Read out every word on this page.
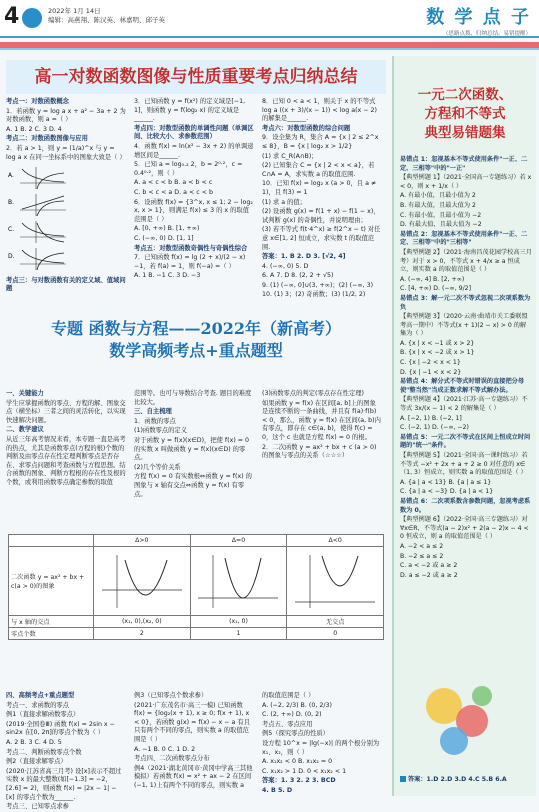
4	2022年 1月 14日
编辑：高燕翔、陈汉英、林嘉明、邱子英	数 学 点 子
（思路点拨、归纳总结、易错提醒）
高一对数函数图像与性质重要考点归纳总结

考点一：对数函数概念

1．若函数 y = log a x + a² − 3a + 2 为对数函数，则 a =（ ）

A. 1 B. 2 C. 3 D. 4

考点二：对数函数图像与应用

2．若 a > 1，则 y = (1/a)^x 与 y = log a x 在同一坐标系中的图象大致是（ ）

A.
B.
C.
D.

考点三：与对数函数有关的定义域、值域问题

3．已知函数 y = f(x²) 的定义域是[−1, 1]，则函数 y = f(log₂ x) 的定义域是______.

考点四：对数型函数的单调性问题（单调区间、比较大小、求参数范围）

4．函数 f(x) = ln(x² − 3x + 2) 的单调递增区间是______.

5．已知 a = log₀.₂ 2，b = 2⁰·²，c = 0.4⁰·²，则（ ）

A. a < c < b B. a < b < c

C. b < c < a D. a < c < b

6．设函数 f(x) = {3^x, x ≤ 1; 2 − log₂ x, x > 1}，则满足 f(x) ≤ 3 的 x 的取值范围是（ ）

A. [0, +∞) B. [1, +∞)

C. (−∞, 0) D. [1, 1]

考点五：对数型函数奇偶性与奇偶性综合

7．已知函数 f(x) = lg (2 + x)/(2 − x) −1，若 f(a) = 1，则 f(−a) =（ ）

A. 1 B. −1 C. 3 D. −3

8．已知 0 < a < 1，则关于 x 的不等式 log a ((x + 3)/(x − 1)) < log a(x − 2) 的解集是______.

考点六：对数型函数的综合问题

9．设全集为 R，集合 A = {x | 2 ≤ 2^x ≤ 8}，B = {x | log₂ x > 1/2}

(1) 求 C_R(A∩B)；

(2) 已知集合 C = {x | 2 < x < a}，若 C∩A = A，求实数 a 的取值范围.

10．已知 f(x) = log₂ x (a > 0，且 a ≠ 1)，且 f(3) = 1

(1) 求 a 的值；

(2) 设函数 g(x) = f(1 + x) − f(1 − x)，试判断 g(x) 的奇偶性，并说明理由；

(3) 若不等式 f(t·4^x) ≥ f(2^x − t) 对任意 x∈[1, 2] 恒成立，求实数 t 的取值范围.

答案：1. B 2. D 3. [√2, 4]

4. (−∞, 0) 5. D

6. A 7. D 8. (2, 2 + √5)

9. (1) (−∞, 0]∪(3, +∞)；(2) (−∞, 3)

10. (1) 3；(2) 奇函数；(3) (1/2, 2)

专题 函数与方程——2022年（新高考）
数学高频考点+重点题型

一、关键能力

学生应掌握函数的零点、方程的解、图象交点（横坐标）三者之间的灵活转化，以实现快速解决问题。

二、教学建议

从近三年高考情况来看，本专题一直是高考的热点，尤其是函数零点(方程的根)个数的判断及由零点存在性定理判断零点是否存在、求零点问题和考查函数与方程思想。结合函数的图象、判断方程根的存在性及根的个数，或利用函数零点确定参数的取值

范围等。也可与导数结合考查. 题目的难度比较大。

三、自主梳理

1．函数的零点

(1)函数零点的定义

对于函数 y = f(x)(x∈D)，把使 f(x) = 0 的实数 x 叫做函数 y = f(x)(x∈D) 的零点。

(2)几个等价关系

方程 f(x) = 0 有实数根⇔函数 y = f(x) 的图象与 x 轴有交点⇔函数 y = f(x) 有零点。

(3)函数零点的判定(零点存在性定理)

如果函数 y = f(x) 在区间[a, b]上的图象是连续不断的一条曲线，并且有 f(a)·f(b) < 0，那么，函数 y = f(x) 在区间(a, b)内有零点，即存在 c∈(a, b)，使得 f(c) = 0，这个 c 也就是方程 f(x) = 0 的根。

2．二次函数 y = ax² + bx + c (a > 0) 的图象与零点的关系（☆☆☆）

	Δ>0	Δ=0	Δ<0
二次函数 y = ax² + bx + c(a > 0)的图象			
与 x 轴的交点	(x₁, 0),(x₂, 0)	(x₁, 0)	无交点
零点个数	2	1	0

四、高频考点+重点题型

考点一、求函数的零点

例1（直接求解函数零点）

(2019·全国卷Ⅲ) 函数 f(x) = 2sin x − sin2x 在[0, 2π]的零点个数为（ ）

A. 2 B. 3 C. 4 D. 5

考点二、判断函数零点个数

例2（直接求解零点）

(2020·江苏省高三月考) 设[x]表示不超过实数 x 的最大整数(如[−1.3] = −2，[2.6] = 2)，则函数 f(x) = |2x − 1| − [x] 的零点个数为______.

考点三、已知零点求参

例3（已知零点个数求参）

(2021·广东茂名市·高三一模) 已知函数 f(x) = {log₂(x + 1), x ≥ 0; f(x + 1), x < 0}，若函数 g(x) = f(x) − x − a 有且只有两个不同的零点，则实数 a 的取值范围是（ ）

A. −1 B. 0 C. 1 D. 2

考点四、二次函数零点分布

例4（2021·湖北黄冈市·黄冈中学高三其他模拟）若函数 f(x) = x² + ax − 2 在区间(−1, 1)上有两个不同的零点，则实数 a

的取值范围是（ ）

A. (−2, 2/3) B. (0, 2/3)

C. (2, +∞) D. (0, 2)

考点五、零点应用

例5（探究零点的性质）

设方程 10^x = |lg(−x)| 的两个根分别为 x₁、x₂，则（ ）

A. x₁x₂ < 0 B. x₁x₂ = 0

C. x₁x₂ > 1 D. 0 < x₁x₂ < 1

答案：1. 3 2. 2 3. BCD

4. B 5. D

一元二次函数、
方程和不等式
典型易错题集

易错点 1：忽视基本不等式使用条件"一正、二定、三相等"中的"一正"

【典型例题 1】（2021·全国高一专题练习）若 x < 0，则 x + 1/x（ ）

A. 有最小值，且最小值为 2

B. 有最大值，且最大值为 2

C. 有最小值，且最小值为 −2

D. 有最大值，且最大值为 −2

易错点 2：忽视基本不等式使用条件"一正、二定、三相等"中的"三相等"

【典型例题 2】（2021·海南昌茂花园学校高三月考）对于 x > 0，不等式 x + 4/x ≥ a 恒成立，则实数 a 的取值范围是（ ）

A. (−∞, 4] B. [2, +∞)

C. [4, +∞) D. (−∞, 9/2]

易错点 3：解一元二次不等式忽视二次项系数为负

【典型例题 3】（2020·云南·曲靖市关工委联盟考高一期中）不等式(x + 1)(2 − x) > 0 的解集为（ ）

A. {x | x < −1 或 x > 2}

B. {x | x < −2 或 x > 1}

C. {x | −2 < x < 1}

D. {x | −1 < x < 2}

易错点 4：解分式不等式时错误的直接把分母使"整当然"当成正数求解不等式解办法。

【典型例题 4】（2021·江苏·高一专题练习）不等式 3x/(x − 1) < 2 的解集是（ ）

A. [−2, 1) B. (−2, 1]

C. (−2, 1) D. (−∞, −2)

易错点 5：一元二次不等式在区间上恒成立时问题的"统一"条件。

【典型例题 5】（2021·全国·高一课时练习）若不等式 −x² + 2x + a + 2 ≥ 0 对任意的 x∈（1, 3）恒成立，则实数 a 的取值范围是（ ）

A. {a | a < 13} B. {a | a ≤ 1}

C. {a | a < −3} D. {a | a < 1}

易错点 6：二次项系数含参数问题，忽视考虑系数为 0。

【典型例题 6】（2022·全国·高三专题练习）对∀x∈R，不等式(a − 2)x² + 2(a − 2)x − 4 < 0 恒成立，则 a 的取值范围是（ ）

A. −2 < a ≤ 2

B. −2 ≤ a ≤ 2

C. a < −2 或 a ≥ 2

D. a ≤ −2 或 a ≥ 2

答案：1.D 2.D 3.D 4.C 5.B 6.A
